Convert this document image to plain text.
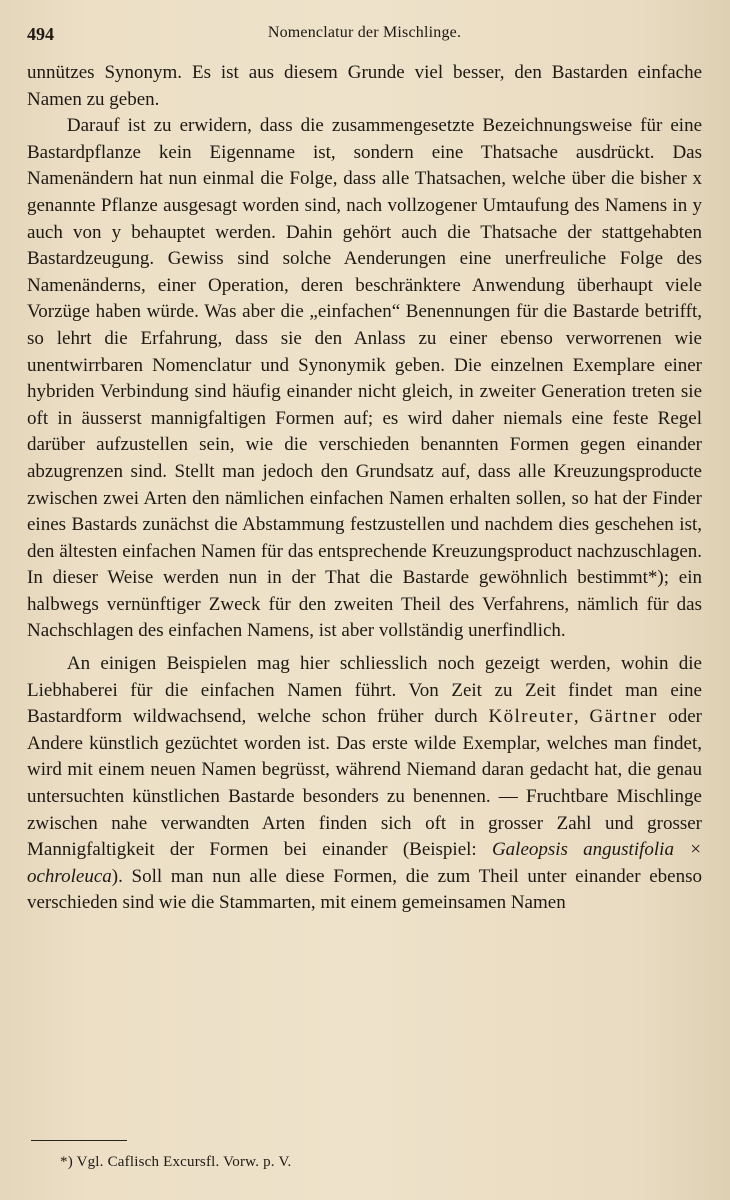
494	Nomenclatur der Mischlinge.

unnützes Synonym. Es ist aus diesem Grunde viel besser, den Bastarden einfache Namen zu geben.

Darauf ist zu erwidern, dass die zusammengesetzte Bezeichnungsweise für eine Bastardpflanze kein Eigenname ist, sondern eine Thatsache ausdrückt. Das Namenändern hat nun einmal die Folge, dass alle Thatsachen, welche über die bisher x genannte Pflanze ausgesagt worden sind, nach vollzogener Umtaufung des Namens in y auch von y behauptet werden. Dahin gehört auch die Thatsache der stattgehabten Bastardzeugung. Gewiss sind solche Aenderungen eine unerfreuliche Folge des Namenänderns, einer Operation, deren beschränktere Anwendung überhaupt viele Vorzüge haben würde. Was aber die „einfachen“ Benennungen für die Bastarde betrifft, so lehrt die Erfahrung, dass sie den Anlass zu einer ebenso verworrenen wie unentwirrbaren Nomenclatur und Synonymik geben. Die einzelnen Exemplare einer hybriden Verbindung sind häufig einander nicht gleich, in zweiter Generation treten sie oft in äusserst mannigfaltigen Formen auf; es wird daher niemals eine feste Regel darüber aufzustellen sein, wie die verschieden benannten Formen gegen einander abzugrenzen sind. Stellt man jedoch den Grundsatz auf, dass alle Kreuzungsproducte zwischen zwei Arten den nämlichen einfachen Namen erhalten sollen, so hat der Finder eines Bastards zunächst die Abstammung festzustellen und nachdem dies geschehen ist, den ältesten einfachen Namen für das entsprechende Kreuzungsproduct nachzuschlagen. In dieser Weise werden nun in der That die Bastarde gewöhnlich bestimmt*); ein halbwegs vernünftiger Zweck für den zweiten Theil des Verfahrens, nämlich für das Nachschlagen des einfachen Namens, ist aber vollständig unerfindlich.

An einigen Beispielen mag hier schliesslich noch gezeigt werden, wohin die Liebhaberei für die einfachen Namen führt. Von Zeit zu Zeit findet man eine Bastardform wildwachsend, welche schon früher durch Kölreuter, Gärtner oder Andere künstlich gezüchtet worden ist. Das erste wilde Exemplar, welches man findet, wird mit einem neuen Namen begrüsst, während Niemand daran gedacht hat, die genau untersuchten künstlichen Bastarde besonders zu benennen. — Fruchtbare Mischlinge zwischen nahe verwandten Arten finden sich oft in grosser Zahl und grosser Mannigfaltigkeit der Formen bei einander (Beispiel: Galeopsis angustifolia × ochroleuca). Soll man nun alle diese Formen, die zum Theil unter einander ebenso verschieden sind wie die Stammarten, mit einem gemeinsamen Namen

*) Vgl. Caflisch Excursfl. Vorw. p. V.
